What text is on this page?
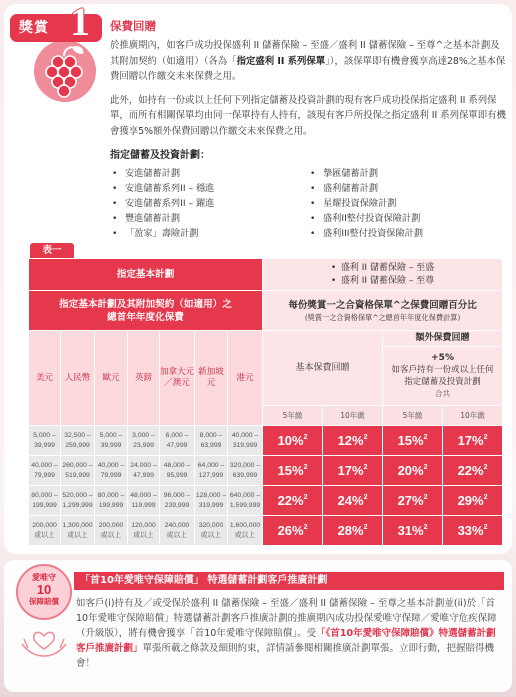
獎賞 1 保費回贈

於推廣期內，如客戶成功投保盛利 II 儲蓄保險 – 至盛／盛利 II 儲蓄保險 – 至尊^之基本計劃及其附加契約（如適用）（各為「指定盛利 II 系列保單」），該保單即有機會獲享高達28%之基本保費回贈以作繳交未來保費之用。

此外，如持有一份或以上任何下列指定儲蓄及投資計劃的現有客戶成功投保指定盛利 II 系列保單，而所有相關保單均由同一保單持有人持有，該現有客戶所投保之指定盛利 II 系列保單即有機會獲享5%額外保費回贈以作繳交未來保費之用。

指定儲蓄及投資計劃：
• 安進儲蓄計劃
• 安進儲蓄系列II – 穩進
• 安進儲蓄系列II – 躍進
• 豐進儲蓄計劃
• 「盈家」壽險計劃
• 摯匯儲蓄計劃
• 盛利儲蓄計劃
• 星耀投資保險計劃
• 盛利II整付投資保險計劃
• 盛利III整付投資保險計劃
表一
指定基本計劃							• 盛利 II 儲蓄保險 – 至盛
• 盛利 II 儲蓄保險 – 至尊

指定基本計劃及其附加契約（如適用）之
總首年年度化保費							每份獎賞一之合資格保單^之保費回贈百分比
(獎賞一之合資格保單^之總首年年度化保費計算)			

美元	人民幣	歐元	英鎊	加拿大元／澳元	新加坡元	港元	基本保費回贈		額外保費回贈	

									+5%
如客戶持有一份或以上任何
指定儲蓄及投資計劃
合共	

							5年繳	10年繳	5年繳	10年繳

5,000 –
39,999	32,500 –
259,999	5,000 –
39,999	3,000 –
23,999	6,000 –
47,999	8,000 –
63,999	40,000 –
319,999	10%$^2$	12%$^2$	15%$^2$	17%$^2$

40,000 –
79,999	260,000 –
519,999	40,000 –
79,999	24,000 –
47,999	48,000 –
95,999	64,000 –
127,999	320,000 –
639,999	15%$^2$	17%$^2$	20%$^2$	22%$^2$

80,000 –
199,999	520,000 –
1,299,999	80,000 –
199,999	48,000 –
119,999	96,000 –
239,999	128,000 –
319,999	640,000 –
1,599,999	22%$^2$	24%$^2$	27%$^2$	29%$^2$

200,000
或以上	1,300,000
或以上	200,000
或以上	120,000
或以上	240,000
或以上	320,000
或以上	1,600,000
或以上	26%$^2$	28%$^2$	31%$^2$	33%$^2$
愛唯守
10
保障賠償
「首10年愛唯守保障賠償」 特選儲蓄計劃客戶推廣計劃

如客戶(i)持有及／或受保於盛利 II 儲蓄保險 – 至盛／盛利 II 儲蓄保險 – 至尊之基本計劃並(ii)於「首10年愛唯守保障賠償」特選儲蓄計劃客戶推廣計劃的推廣期內成功投保愛唯守保障／愛唯守危疾保障（升級版），將有機會獲享「首10年愛唯守保障賠償」。受「《首10年愛唯守保障賠償》特選儲蓄計劃客戶推廣計劃」單張所載之條款及細則約束，詳情請參閱相關推廣計劃單張。立即行動，把握賠得機會！
